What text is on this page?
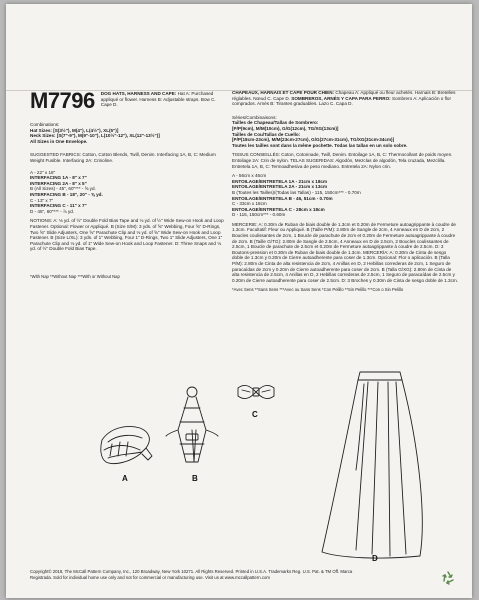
M7796 DOG HATS, HARNESS AND CAPE: Hat A: Purchased appliqué or flower. Harness B: Adjustable straps. Bow C. Cape D.
Combinations:
Hat Sizes: [S(3½"), M(4"), L(4½"), XL(5")]
Neck Sizes: [S(7"-9"), M(9"-10"), L(10½"-12"), XL(12"-13½")]
All Sizes in One Envelope.
SUGGESTED FABRICS: Cotton, Cotton Blends, Twill, Denim. Interfacing 1A, B, C: Medium Weight Fusible. Interfacing 2A: Crinoline.
A - 22" x 18"
INTERFACING 1A - 8" x 7"
INTERFACING 2A - 8" x 5"
B (All Sizes) - 45", 60"*** - ⅝ yd.
INTERFACING B - 18", 20" - ⅝ yd.
C - 13" x 7"
INTERFACING C - 11" x 7"
D - 45", 60"*** - ⅞ yd.
NOTIONS: A: ⅛ yd. of ½" Double Fold Bias Tape and ⅛ yd. of ½" Wide Sew-on Hook and Loop Fastener. Optional: Flower or Appliqué. B (Size S/M): 3 yds. of ⅝" Webbing, Four ⅝" D-Rings, Two ⅝" Slide Adjusters, One ⅝" Parachute Clip and ⅛ yd. of ⅝" Wide Sew-on Hook and Loop Fastener. B (Size L/XL): 3 yds. of 1" Webbing, Four 1" D-Rings, Two 1" Slide Adjusters, One 1" Parachute Clip and ⅛ yd. of 1" Wide Sew-on Hook and Loop Fastener. D: Three Snaps and ⅛ yd. of ½" Double Fold Bias Tape.
*With Nap **Without Nap ***With or Without Nap
CHAPEAUX, HARNAIS ET CAPE POUR CHIEN: Chapeau A: Appliqué ou fleur achetés. Harnais B: Bretelles réglables. Nœud C. Cape D. SOMBREROS, ARNÉS Y CAPA PARA PERRO: Sombrero A: Aplicación o flor comprados. Arnés B: Tirantes graduables. Lazo C. Capa D.
Séries/Combinaisons:
Tailles de Chapeau/Tallas de Sombrero:
[P/P(9cm), M/M(10cm), G/G(12cm), TG/XG(13cm)]
Tailles de Cou/Tallas de Cuello:
[P/P(18cm-23cm), M/M(23cm-27cm), G/G(27cm-31cm), TG/XG(31cm-34cm)]
Toutes les tailles sont dans la même pochette. Todas las tallas en un solo sobre.
TISSUS CONSEILLÉS: Coton, Cotonnade, Twill, Denim. Entoilage 1A, B, C: Thermocollant de poids moyen. Entoilage 2A: Crin de nylon. TELAS SUGERIDAS: Algodón, Mezclas de algodón, Tela cruzada, Mezclilla. Entretela 1A, B, C: Termoadhesiva de peso mediano. Entretela 2A: Nylon crin.
A - 56cm x 46cm
ENTOILAGE/ENTRETELA 1A - 21cm x 18cm
ENTOILAGE/ENTRETELA 2A - 21cm x 13cm
B (Toutes les Tailles)/(Todas las Tallas) - 115, 150cm*** - 0.70m
ENTOILAGE/ENTRETELA B - 46, 51cm - 0.70m
C - 33cm x 18cm
ENTOILAGE/ENTRETELA C - 28cm x 18cm
D - 115, 150cm*** - 0.60m
MERCERIE: A: 0.30m de Ruban de biais double de 1.3cm et 0.20m de Fermeture autoagrippante à coudre de 1.3cm. Facultatif: Fleur ou Appliqué. B (Taille P/M): 2.80m de Sangle de 2cm, 4 Anneaux en D de 2cm, 2 Boucles coulissantes de 2cm, 1 Boucle de parachute de 2cm et 0.20m de Fermeture autoagrippante à coudre de 2cm. B (Taille G/TG): 2.80m de Sangle de 2.5cm, 4 Anneaux en D de 2.5cm, 2 Boucles coulissantes de 2.5cm, 1 Boucle de parachute de 2.5cm et 0.20m de Fermeture autoagrippante à coudre de 2.5cm. D: 3 Boutons-pression et 0.30m de Ruban de biais double de 1.3cm. MERCERÍA: A: 0.30m de Cinta de sesgo doble de 1.3cm y 0.20m de Cierre autoadherente para coser de 1.3cm. Opcional: Flor o aplicación. B (Talla P/M): 2.80m de Cinta de alta resistencia de 2cm, 4 Anillas en D, 2 Hebillas correderas de 2cm, 1 Seguro de paracaídas de 2cm y 0.20m de Cierre autoadherente para coser de 2cm. B (Talla G/XG): 2.80m de Cinta de alta resistencia de 2.5cm, 4 Anillas en D, 2 Hebillas correderas de 2.5cm, 1 Seguro de paracaídas de 2.5cm y 0.20m de Cierre autoadherente para coser de 2.5cm. D: 3 Broches y 0.30m de Cinta de sesgo doble de 1.3cm.
*Avec Sens **Sans Sens ***Avec ou Sans Sens *Con Pelillo **Sin Pelillo ***Con o Sin Pelillo
A	B
C
D
Copyright© 2018, The McCall Pattern Company, Inc., 120 Broadway, New York 10271. All Rights Reserved. Printed in U.S.A. Trademarks Reg. U.S. Pat. & TM Off. Marca
Registrada. Sold for individual home use only and not for commercial or manufacturing use. Visit us at www.mccallpattern.com
